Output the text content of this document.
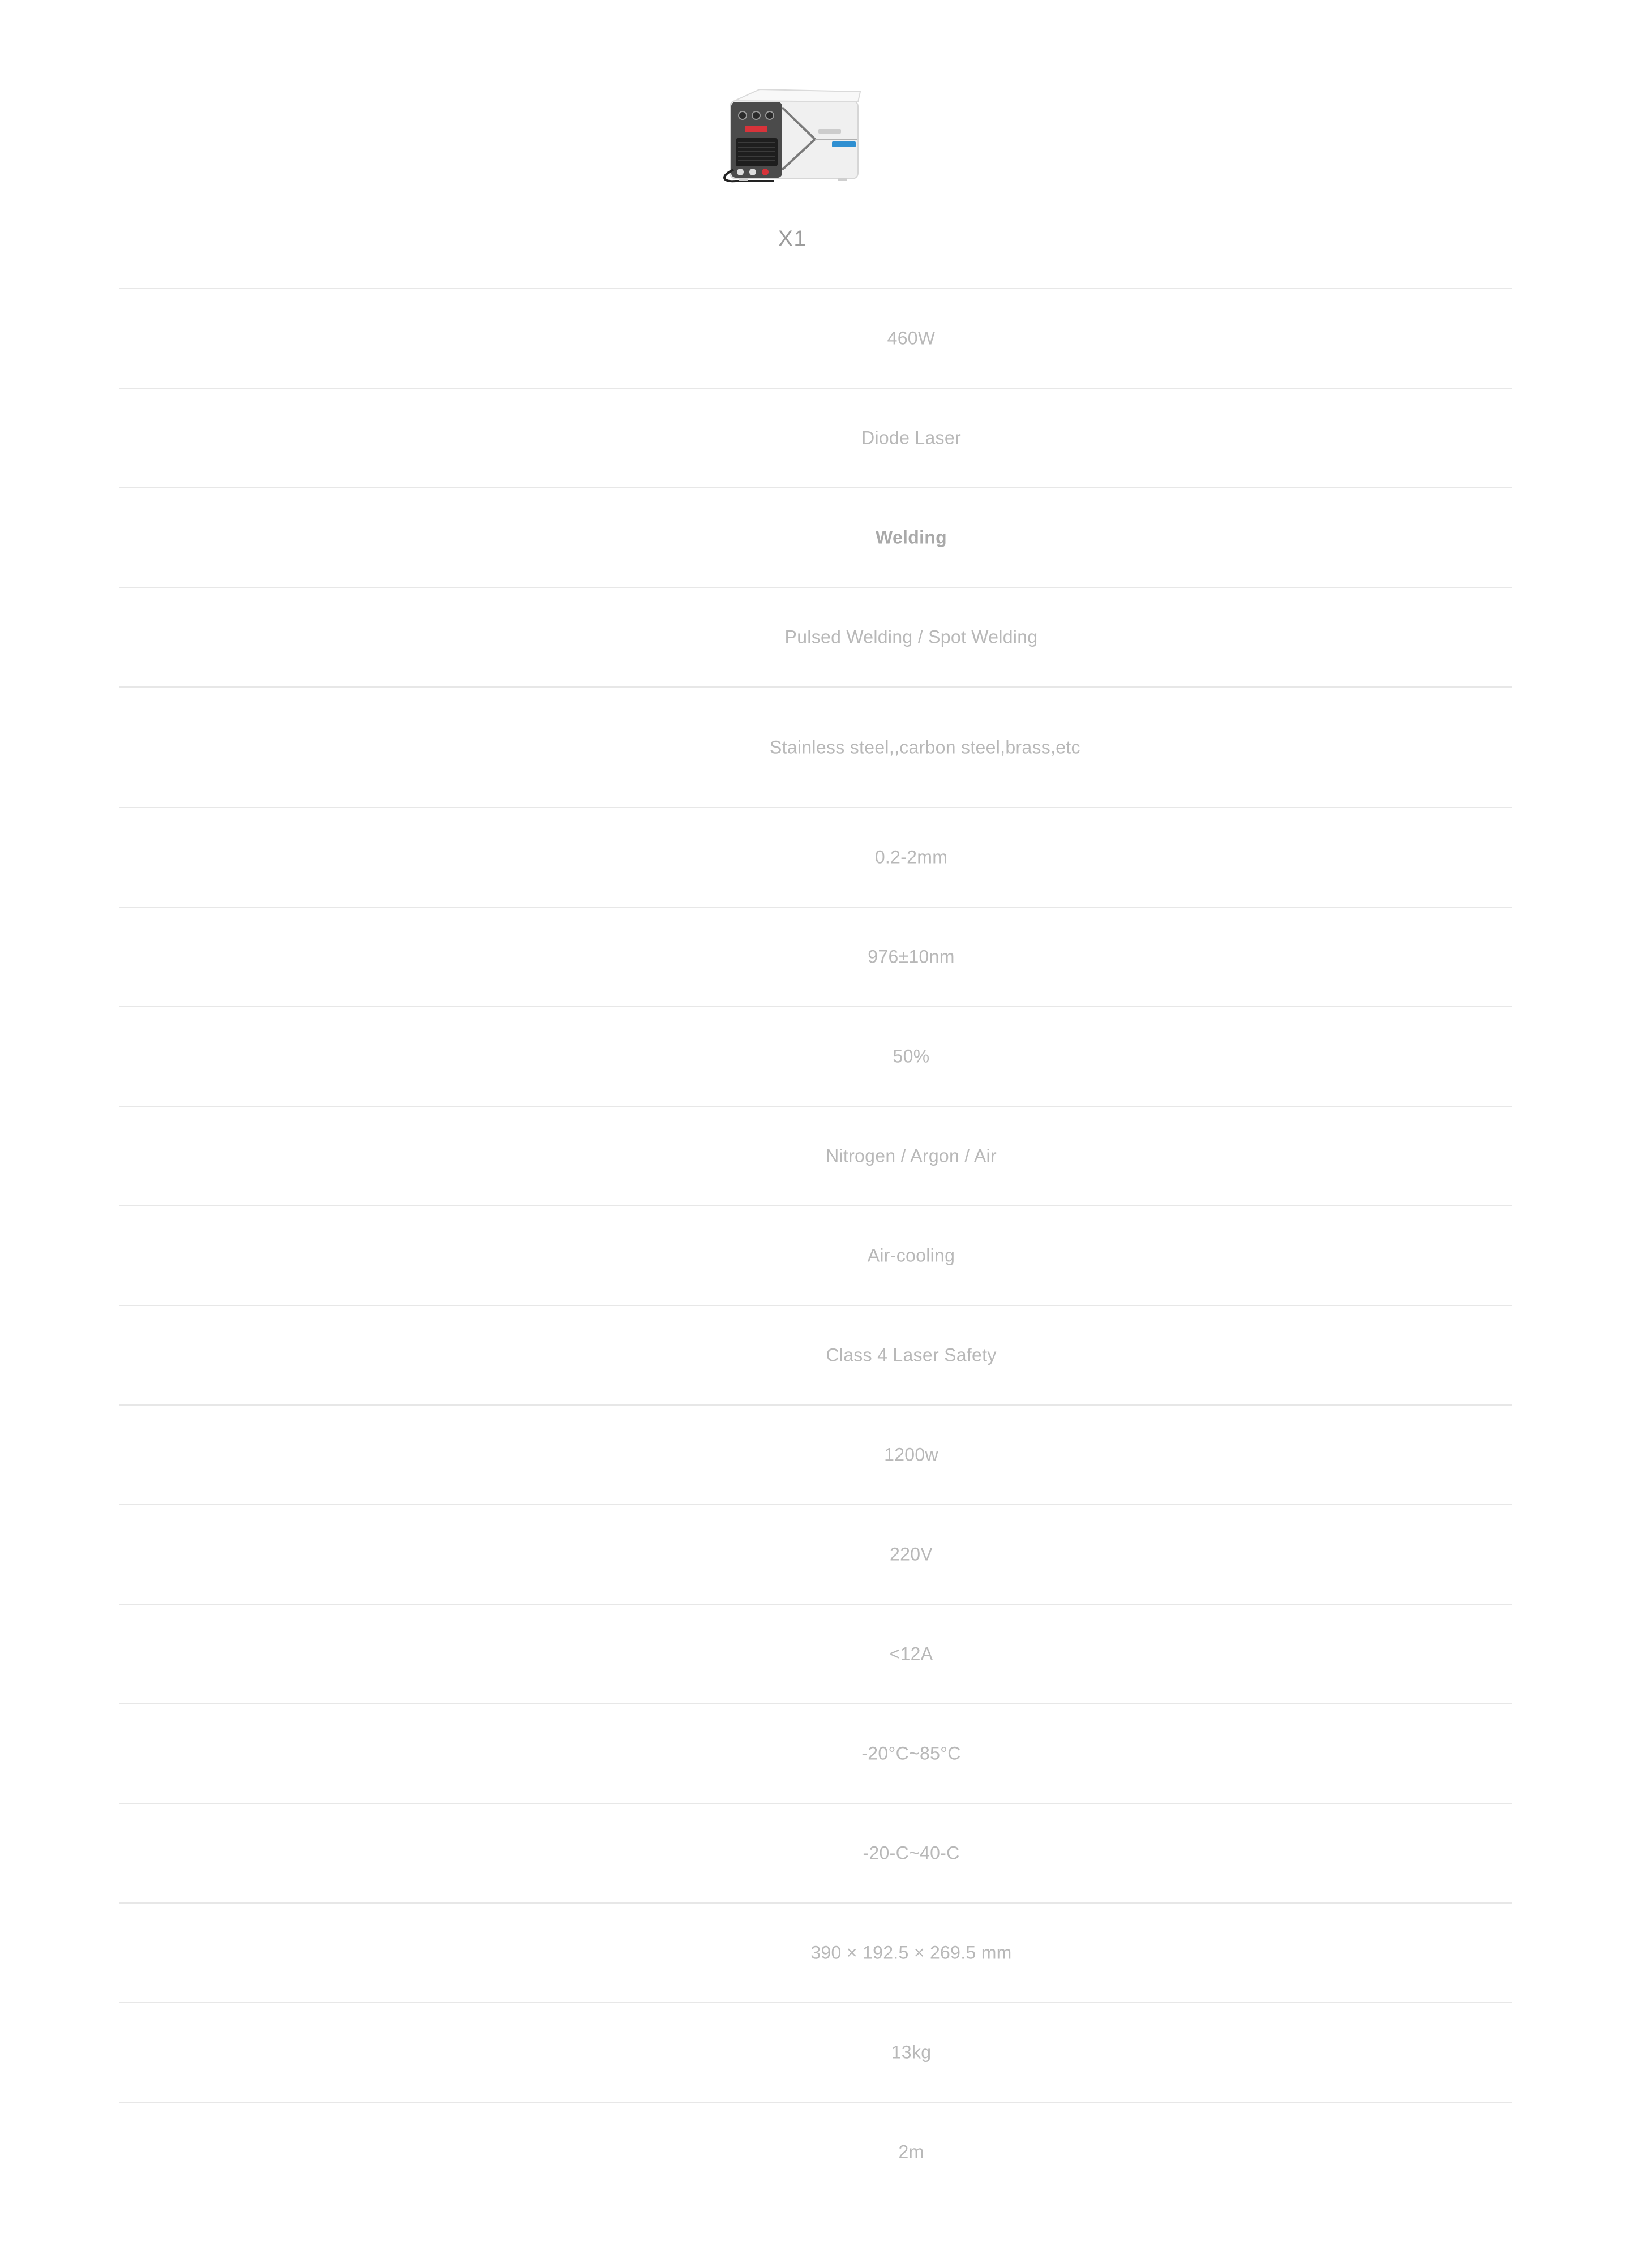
X1
460W
Diode Laser
Welding
Pulsed Welding / Spot Welding
Stainless steel,,carbon steel,brass,etc
0.2-2mm
976±10nm
50%
Nitrogen / Argon / Air
Air-cooling
Class 4 Laser Safety
1200w
220V
<12A
-20°C~85°C
-20-C~40-C
390 × 192.5 × 269.5 mm
13kg
2m
